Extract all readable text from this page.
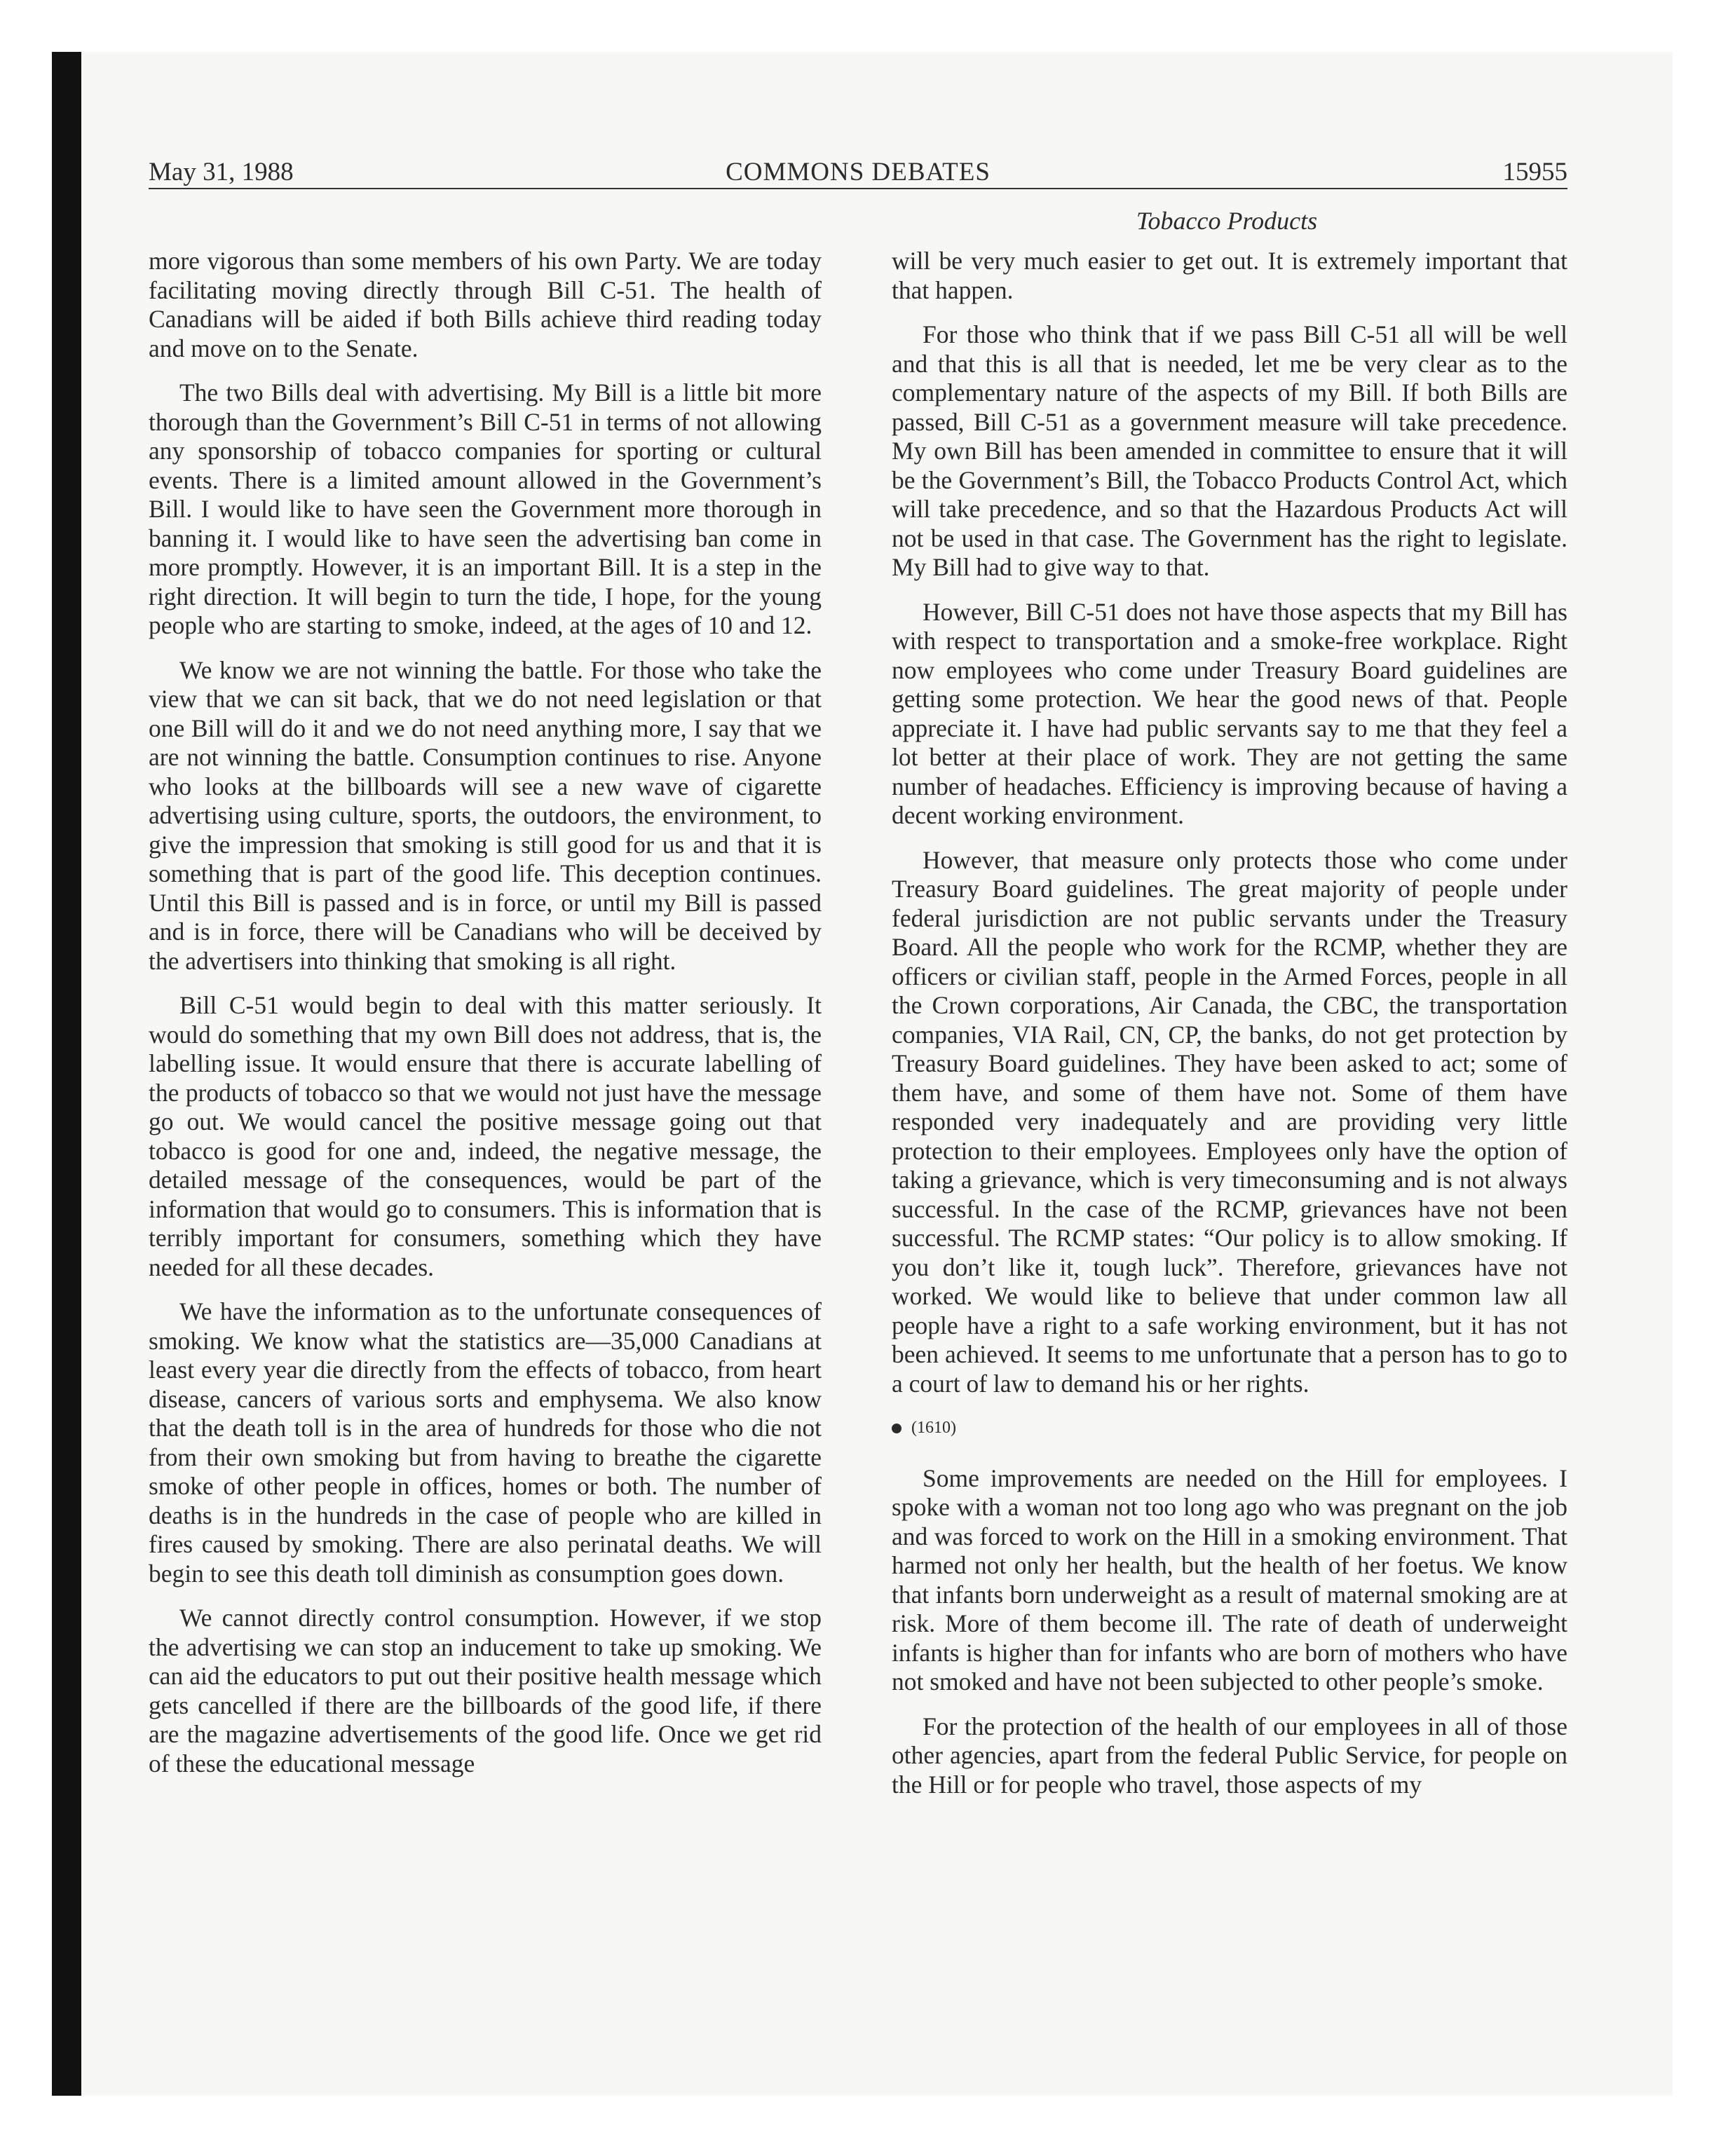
May 31, 1988	COMMONS DEBATES	15955
Tobacco Products

more vigorous than some members of his own Party. We are today facilitating moving directly through Bill C-51. The health of Canadians will be aided if both Bills achieve third reading today and move on to the Senate.

The two Bills deal with advertising. My Bill is a little bit more thorough than the Government’s Bill C-51 in terms of not allowing any sponsorship of tobacco companies for sporting or cultural events. There is a limited amount allowed in the Government’s Bill. I would like to have seen the Government more thorough in banning it. I would like to have seen the advertising ban come in more promptly. However, it is an important Bill. It is a step in the right direction. It will begin to turn the tide, I hope, for the young people who are starting to smoke, indeed, at the ages of 10 and 12.

We know we are not winning the battle. For those who take the view that we can sit back, that we do not need legislation or that one Bill will do it and we do not need anything more, I say that we are not winning the battle. Consumption continues to rise. Anyone who looks at the billboards will see a new wave of cigarette advertising using culture, sports, the outdoors, the environment, to give the impression that smoking is still good for us and that it is something that is part of the good life. This deception continues. Until this Bill is passed and is in force, or until my Bill is passed and is in force, there will be Canadians who will be deceived by the advertisers into thinking that smoking is all right.

Bill C-51 would begin to deal with this matter seriously. It would do something that my own Bill does not address, that is, the labelling issue. It would ensure that there is accurate labelling of the products of tobacco so that we would not just have the message go out. We would cancel the positive message going out that tobacco is good for one and, indeed, the negative message, the detailed message of the consequences, would be part of the information that would go to consumers. This is information that is terribly important for consumers, something which they have needed for all these decades.

We have the information as to the unfortunate consequences of smoking. We know what the statistics are—35,000 Canadians at least every year die directly from the effects of tobacco, from heart disease, cancers of various sorts and emphysema. We also know that the death toll is in the area of hundreds for those who die not from their own smoking but from having to breathe the cigarette smoke of other people in offices, homes or both. The number of deaths is in the hundreds in the case of people who are killed in fires caused by smoking. There are also perinatal deaths. We will begin to see this death toll diminish as consumption goes down.

We cannot directly control consumption. However, if we stop the advertising we can stop an inducement to take up smoking. We can aid the educators to put out their positive health message which gets cancelled if there are the billboards of the good life, if there are the magazine advertisements of the good life. Once we get rid of these the educational message

will be very much easier to get out. It is extremely important that that happen.

For those who think that if we pass Bill C-51 all will be well and that this is all that is needed, let me be very clear as to the complementary nature of the aspects of my Bill. If both Bills are passed, Bill C-51 as a government measure will take precedence. My own Bill has been amended in committee to ensure that it will be the Government’s Bill, the Tobacco Products Control Act, which will take precedence, and so that the Hazardous Products Act will not be used in that case. The Government has the right to legislate. My Bill had to give way to that.

However, Bill C-51 does not have those aspects that my Bill has with respect to transportation and a smoke-free workplace. Right now employees who come under Treasury Board guidelines are getting some protection. We hear the good news of that. People appreciate it. I have had public servants say to me that they feel a lot better at their place of work. They are not getting the same number of headaches. Efficiency is improving because of having a decent working environment.

However, that measure only protects those who come under Treasury Board guidelines. The great majority of people under federal jurisdiction are not public servants under the Treasury Board. All the people who work for the RCMP, whether they are officers or civilian staff, people in the Armed Forces, people in all the Crown corporations, Air Canada, the CBC, the transportation companies, VIA Rail, CN, CP, the banks, do not get protection by Treasury Board guidelines. They have been asked to act; some of them have, and some of them have not. Some of them have responded very inadequately and are providing very little protection to their employees. Employees only have the option of taking a grievance, which is very timeconsuming and is not always successful. In the case of the RCMP, grievances have not been successful. The RCMP states: “Our policy is to allow smoking. If you don’t like it, tough luck”. Therefore, grievances have not worked. We would like to believe that under common law all people have a right to a safe working environment, but it has not been achieved. It seems to me unfortunate that a person has to go to a court of law to demand his or her rights.

(1610)

Some improvements are needed on the Hill for employees. I spoke with a woman not too long ago who was pregnant on the job and was forced to work on the Hill in a smoking environment. That harmed not only her health, but the health of her foetus. We know that infants born underweight as a result of maternal smoking are at risk. More of them become ill. The rate of death of underweight infants is higher than for infants who are born of mothers who have not smoked and have not been subjected to other people’s smoke.

For the protection of the health of our employees in all of those other agencies, apart from the federal Public Service, for people on the Hill or for people who travel, those aspects of my
